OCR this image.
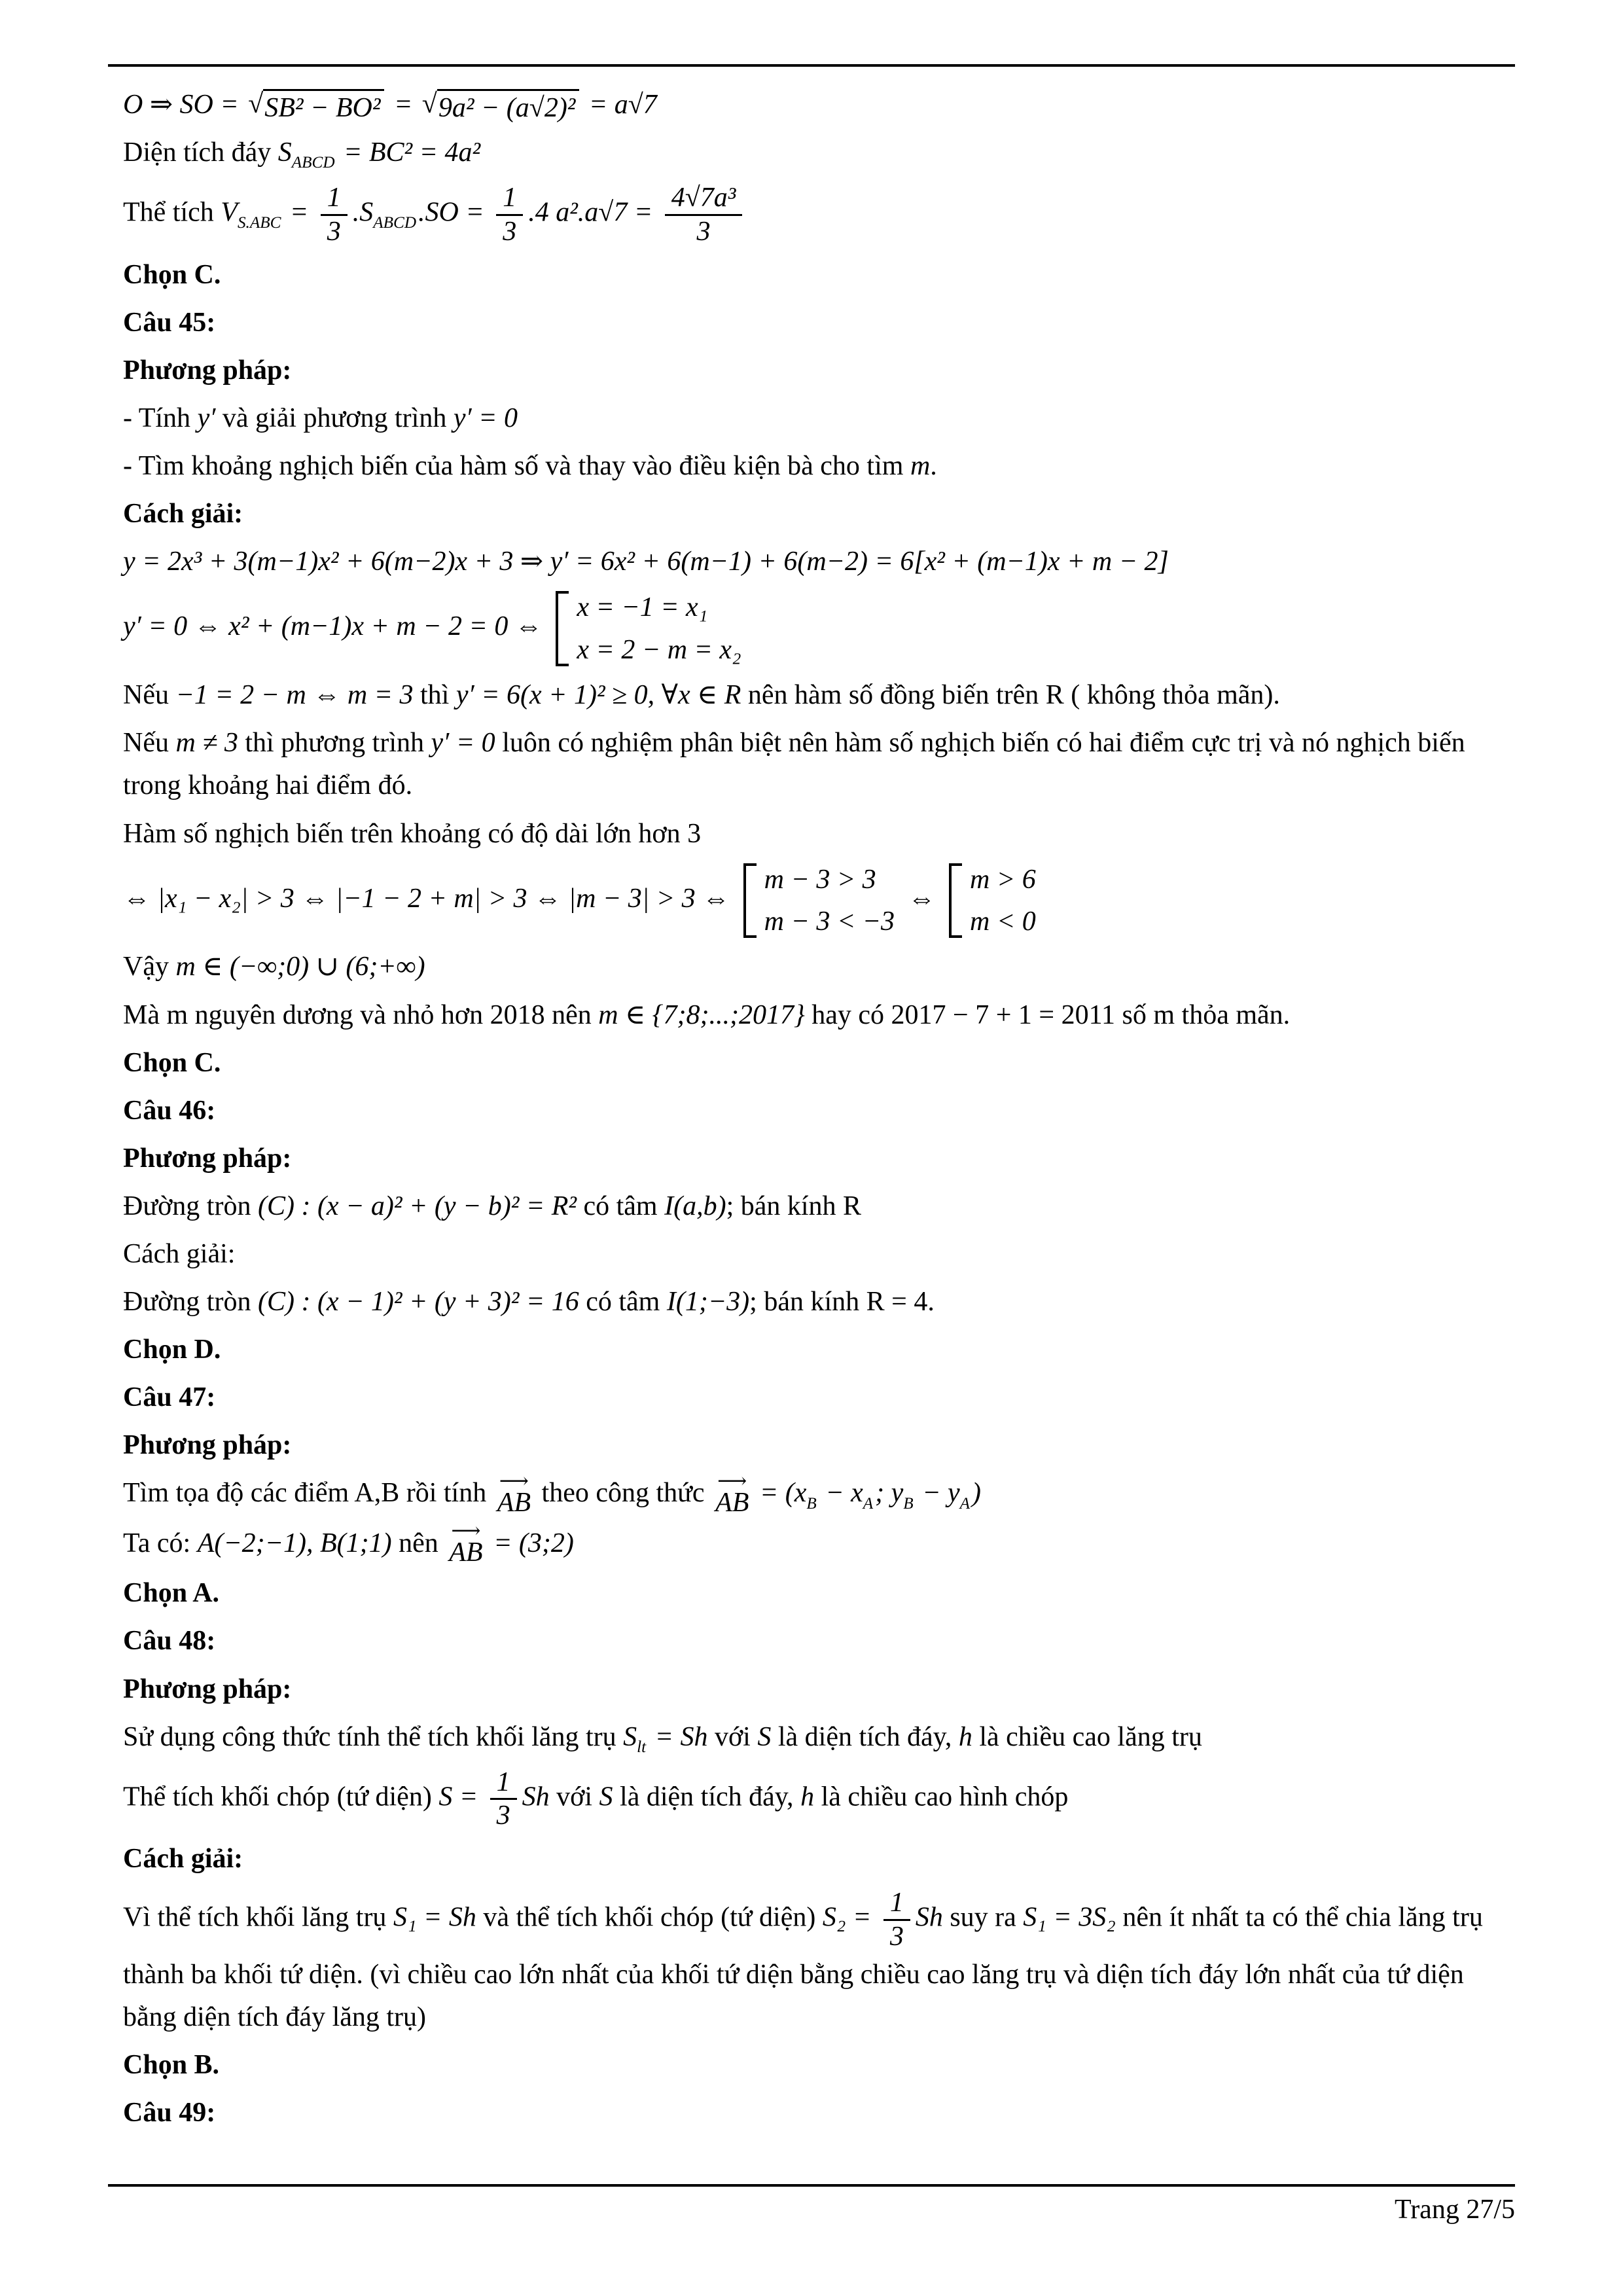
O ⇒ SO = √ SB² − BO² = √ 9a² − (a√2)² = a√7
Diện tích đáy $S_{ABCD} = BC^2 = 4a^2$
Thể tích $V_{S.ABC} = \frac{1}{3} .S_{ABCD}.SO = \frac{1}{3} .4$ $a^2.a√7 = \frac{\text{4√7a³}}{3}$
Chọn C.
Câu 45:
Phương pháp:
- Tính y′ và giải phương trình y′ = 0
- Tìm khoảng nghịch biến của hàm số và thay vào điều kiện bà cho tìm m.
Cách giải:
y = 2x³ + 3(m−1)x² + 6(m−2)x + 3 ⇒ y′ = 6x² + 6(m−1) + 6(m−2) = 6[x² + (m−1)x + m − 2]
y′ = 0 ⇔ x² + (m−1)x + m − 2 = 0 ⇔
x = −1 = x₁
x = 2 − m = x₂
Nếu −1 = 2 − m ⇔ m = 3 thì y′ = 6(x + 1)² ≥ 0, ∀x ∈ R nên hàm số đồng biến trên R ( không thỏa mãn).
Nếu m ≠ 3 thì phương trình y′ = 0 luôn có nghiệm phân biệt nên hàm số nghịch biến có hai điểm cực trị và nó nghịch biến trong khoảng hai điểm đó.
Hàm số nghịch biến trên khoảng có độ dài lớn hơn 3
⇔ |x₁ − x₂| > 3 ⇔ |−1 − 2 + m| > 3 ⇔ |m − 3| > 3 ⇔
m − 3 > 3
m − 3 < −3
⇔
m > 6
m < 0
Vậy m ∈ (−∞;0) ∪ (6;+∞)
Mà m nguyên dương và nhỏ hơn 2018 nên m ∈ {7;8;...;2017} hay có 2017 − 7 + 1 = 2011 số m thỏa mãn.
Chọn C.
Câu 46:
Phương pháp:
Đường tròn (C) : (x − a)² + (y − b)² = R² có tâm I(a,b); bán kính R
Cách giải:
Đường tròn (C) : (x − 1)² + (y + 3)² = 16 có tâm I(1;−3); bán kính R = 4.
Chọn D.
Câu 47:
Phương pháp:
Tìm tọa độ các điểm A,B rồi tính ⟶
AB theo công thức ⟶
AB = ($x_B - x_A$; $y_B - y_A$)
Ta có: A(−2;−1), B(1;1) nên ⟶
AB = (3;2)
Chọn A.
Câu 48:
Phương pháp:
Sử dụng công thức tính thể tích khối lăng trụ $S_{lt} = Sh$ với S là diện tích đáy, h là chiều cao lăng trụ
Thể tích khối chóp (tứ diện) $S = \frac{1}{3}$ Sh với S là diện tích đáy, h là chiều cao hình chóp
Cách giải:
Vì thể tích khối lăng trụ S₁ = Sh và thể tích khối chóp (tứ diện) $S_2 = \frac{1}{3}$ Sh suy ra S₁ = 3S₂ nên ít nhất ta có thể chia lăng trụ thành ba khối tứ diện. (vì chiều cao lớn nhất của khối tứ diện bằng chiều cao lăng trụ và diện tích đáy lớn nhất của tứ diện bằng diện tích đáy lăng trụ)
Chọn B.
Câu 49:
Trang 27/5
